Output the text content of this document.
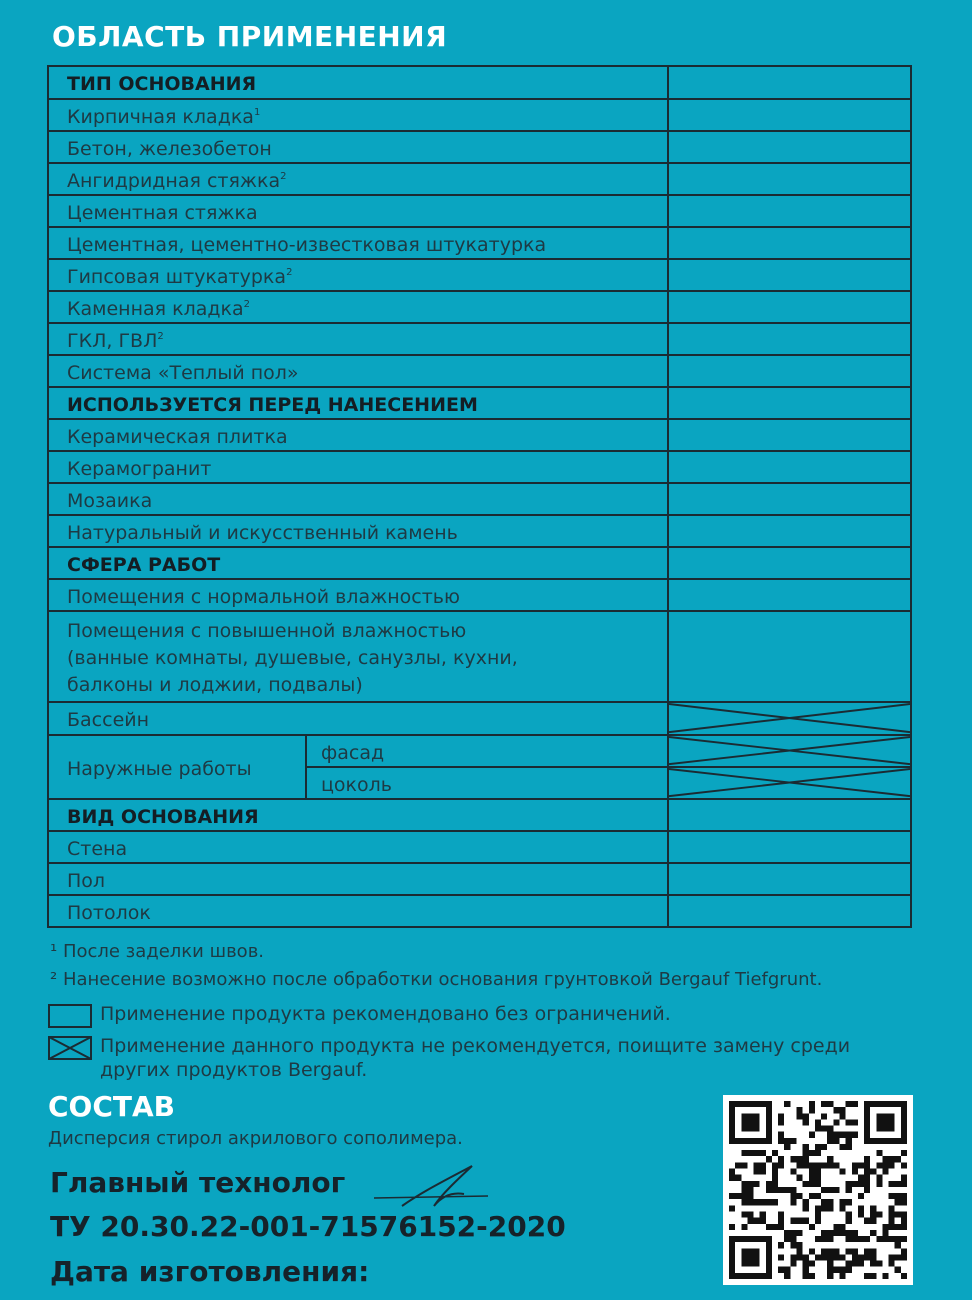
ОБЛАСТЬ ПРИМЕНЕНИЯ
ТИП ОСНОВАНИЯ		
Кирпичная кладка$^1$	
Бетон, железобетон		
Ангидридная стяжка$^2$	
Цементная стяжка		
Цементная, цементно-известковая штукатурка		
Гипсовая штукатурка$^2$	
Каменная кладка$^2$	
ГКЛ, ГВЛ$^2$	
Система «Теплый пол»		
ИСПОЛЬЗУЕТСЯ ПЕРЕД НАНЕСЕНИЕМ		
Керамическая плитка		
Керамогранит		
Мозаика		
Натуральный и искусственный камень		
СФЕРА РАБОТ		
Помещения с нормальной влажностью		

Помещения с повышенной влажностью
(ванные комнаты, душевые, санузлы, кухни,
балконы и лоджии, подвалы)		

Бассейн	

Наружные работы	фасад	

	цоколь	

ВИД ОСНОВАНИЯ		
Стена		
Пол		
Потолок		
¹ После заделки швов.
² Нанесение возможно после обработки основания грунтовкой Bergauf Tiefgrunt.
Применение продукта рекомендовано без ограничений.
Применение данного продукта не рекомендуется, поищите замену среди других продуктов Bergauf.
СОСТАВ
Дисперсия стирол акрилового сополимера.
Главный технолог
ТУ 20.30.22-001-71576152-2020
Дата изготовления:
